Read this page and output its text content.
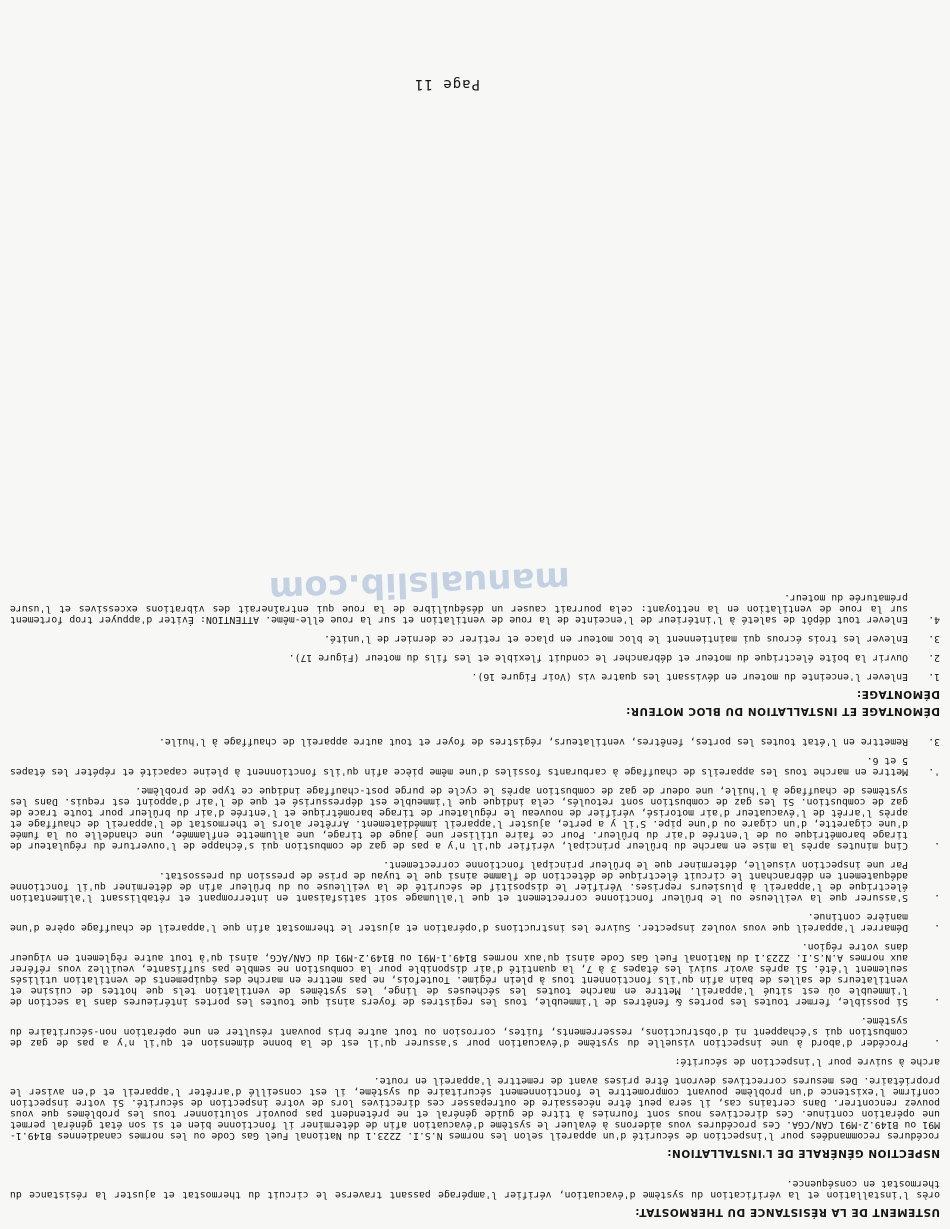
USTEMENT DE LA RÉSISTANCE DU THERMOSTAT:
orès l'installation et la vérification du système d'évacuation, vérifier l'ampérage passant traverse le circuit du thermostat et ajuster la résistance du thermostat en conséquence.
NSPECTION GÉNÉRALE DE L'INSTALLATION:
rocédures recommandées pour l'inspection de sécurité d'un appareil selon les normes N.S.I. Z223.1 du National Fuel Gas Code ou les normes canadiennes B149.1-M91 ou B149.2-M91 CAN/CGA. Ces procédures vous aiderons à évaluer le système d'évacuation afin de déterminer il fonctionne bien et si son état général permet une opération continue. Ces directives nous sont fournies à titre de guide général et ne prétendent pas pouvoir solutionner tous les problèmes que vous pouvez rencontrer. Dans certains cas, il sera peut être nécessaire de outrepasser ces directives lors de votre inspection de sécurité. Si votre inspection confirme l'existence d'un problème pouvant compromettre le fonctionnement sécuritaire du système, il est conseillé d'arrêter l'appareil et d'en aviser le propriétaire. Des mesures correctives devront être prises avant de remettre l'appareil en route.
arche à suivre pour l'inspection de sécurité:
.
Procéder d'abord à une inspection visuelle du système d'évacuation pour s'assurer qu'il est de la bonne dimension et qu'il n'y a pas de gaz de combustion qui s'échappent ni d'obstructions, resserrements, fuites, corrosion ou tout autre bris pouvant résulter en une opération non-sécuritaire du système.
.
Si possible, fermer toutes les portes & fenêtres de l'immeuble, tous les registres de foyers ainsi que toutes les portes intérieures dans la section de l'immeuble où est situé l'appareil. Mettre en marche toutes les sécheuses de linge, les systèmes de ventilation tels que hottes de cuisine et ventilateurs de salles de bain afin qu'ils fonctionnent tous à plein régime. Toutefois, ne pas mettre en marche des équipements de ventilation utilisés seulement l'été. Si après avoir suivi les étapes 3 à 7, la quantité d'air disponible pour la combustion ne semble pas suffisante, veuillez vous référer aux normes A.N.S.I. Z223.1 du National Fuel Gas Code ainsi qu'aux normes B149.1-M91 ou B149.2-M91 du CAN/ACG, ainsi qu'à tout autre règlement en vigueur dans votre région.
.
Démarrer l'appareil que vous voulez inspecter. Suivre les instructions d'opération et ajuster le thermostat afin que l'appareil de chauffage opère d'une manière continue.
.
S'assurer que la veilleuse ou le brûleur fonctionne correctement et que l'allumage soit satisfaisant en interrompant et rétablissant l'alimentation électrique de l'appareil à plusieurs reprises. Vérifier le dispositif de sécurité de la veilleuse ou du brûleur afin de déterminer qu'il fonctionne adéquatement en débranchant le circuit électrique de détection de flamme ainsi que le tuyau de prise de pression du pressostat.
Par une inspection visuelle, déterminer que le brûleur principal fonctionne correctement.
.
Cinq minutes après la mise en marche du brûleur principal, vérifier qu'il n'y a pas de gaz de combustion qui s'échappe de l'ouverture du régulateur de tirage barométrique ou de l'entrée d'air du brûleur. Pour ce faire utiliser une jauge de tirage, une allumette enflammée, une chandelle ou la fumée d'une cigarette, d'un cigare ou d'une pipe. S'il y a perte, ajuster l'appareil immédiatement. Arrêter alors le thermostat de l'appareil de chauffage et après l'arrêt de l'évacuateur d'air motorisé, vérifier de nouveau le régulateur de tirage barométrique et l'entrée d'air du brûleur pour toute trace de gaz de combustion. Si les gaz de combustion sont retoulés, cela indique que l'immeuble est dépressurisé et que de l'air d'appoint est requis. Dans les systèmes de chauffage à l'huile, une odeur de gaz de combustion après le cycle de purge post-chauffage indique ce type de problème.
'.
Mettre en marche tous les appareils de chauffage à carburants fossiles d'une même pièce afin qu'ils fonctionnent à pleine capacité et répéter les étapes 5 et 6.
3.
Remettre en l'état toutes les portes, fenêtres, ventilateurs, régistres de foyer et tout autre appareil de chauffage à l'huile.
DÉMONTAGE ET INSTALLATION DU BLOC MOTEUR:
DÉMONTAGE:
1.
Enlever l'enceinte du moteur en dévissant les quatre vis (Voir Figure 16).
2.
Ouvrir la boîte électrique du moteur et débrancher le conduit flexible et les fils du moteur (Figure 17).
3.
Enlever les trois écrous qui maintiennent le bloc moteur en place et retirer ce dernier de l'unité.
4.
Enlever tout dépôt de saleté à l'intérieur de l'enceinte de la roue de ventilation et sur la roue elle-même. ATTENTION: Éviter d'appuyer trop fortement sur la roue de ventilation en la nettoyant: cela pourrait causer un déséquilibre de la roue qui entraînerait des vibrations excessives et l'usure prématurée du moteur.
Page 11
manualslib.com
